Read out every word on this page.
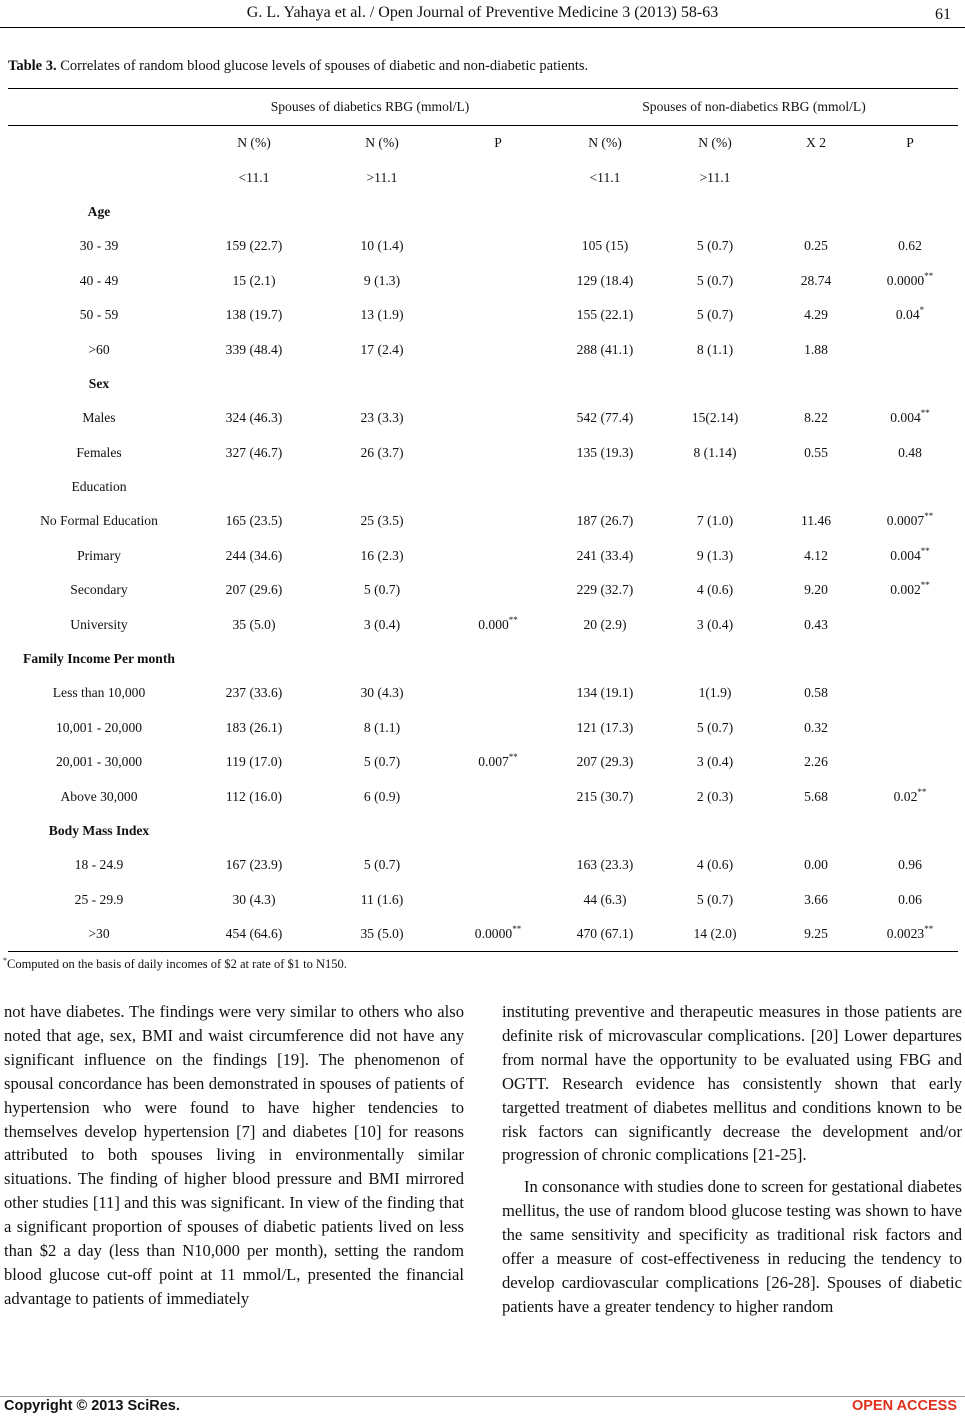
G. L. Yahaya et al. / Open Journal of Preventive Medicine 3 (2013) 58-63	61
Table 3. Correlates of random blood glucose levels of spouses of diabetic and non-diabetic patients.
	Spouses of diabetics RBG (mmol/L)			Spouses of non-diabetics RBG (mmol/L)			
	N (%)	N (%)	P	N (%)	N (%)	X 2	P
	<11.1	>11.1		<11.1	>11.1		
Age							
30 - 39	159 (22.7)	10 (1.4)		105 (15)	5 (0.7)	0.25	0.62
40 - 49	15 (2.1)	9 (1.3)		129 (18.4)	5 (0.7)	28.74	0.0000**
50 - 59	138 (19.7)	13 (1.9)		155 (22.1)	5 (0.7)	4.29	0.04*
>60	339 (48.4)	17 (2.4)		288 (41.1)	8 (1.1)	1.88	
Sex							
Males	324 (46.3)	23 (3.3)		542 (77.4)	15(2.14)	8.22	0.004**
Females	327 (46.7)	26 (3.7)		135 (19.3)	8 (1.14)	0.55	0.48
Education							
No Formal Education	165 (23.5)	25 (3.5)		187 (26.7)	7 (1.0)	11.46	0.0007**
Primary	244 (34.6)	16 (2.3)		241 (33.4)	9 (1.3)	4.12	0.004**
Secondary	207 (29.6)	5 (0.7)		229 (32.7)	4 (0.6)	9.20	0.002**
University	35 (5.0)	3 (0.4)	0.000**	20 (2.9)	3 (0.4)	0.43	
Family Income Per month							
Less than 10,000	237 (33.6)	30 (4.3)		134 (19.1)	1(1.9)	0.58	
10,001 - 20,000	183 (26.1)	8 (1.1)		121 (17.3)	5 (0.7)	0.32	
20,001 - 30,000	119 (17.0)	5 (0.7)	0.007**	207 (29.3)	3 (0.4)	2.26	
Above 30,000	112 (16.0)	6 (0.9)		215 (30.7)	2 (0.3)	5.68	0.02**
Body Mass Index							
18 - 24.9	167 (23.9)	5 (0.7)		163 (23.3)	4 (0.6)	0.00	0.96
25 - 29.9	30 (4.3)	11 (1.6)		44 (6.3)	5 (0.7)	3.66	0.06
>30	454 (64.6)	35 (5.0)	0.0000**	470 (67.1)	14 (2.0)	9.25	0.0023**
*Computed on the basis of daily incomes of $2 at rate of $1 to N150.

not have diabetes. The findings were very similar to others who also noted that age, sex, BMI and waist circumference did not have any significant influence on the findings [19]. The phenomenon of spousal concordance has been demonstrated in spouses of patients of hypertension who were found to have higher tendencies to themselves develop hypertension [7] and diabetes [10] for reasons attributed to both spouses living in environmentally similar situations. The finding of higher blood pressure and BMI mirrored other studies [11] and this was significant. In view of the finding that a significant proportion of spouses of diabetic patients lived on less than $2 a day (less than N10,000 per month), setting the random blood glucose cut-off point at 11 mmol/L, presented the financial advantage to patients of immediately

instituting preventive and therapeutic measures in those patients are definite risk of microvascular complications. [20] Lower departures from normal have the opportunity to be evaluated using FBG and OGTT. Research evidence has consistently shown that early targetted treatment of diabetes mellitus and conditions known to be risk factors can significantly decrease the development and/or progression of chronic complications [21-25].

In consonance with studies done to screen for gestational diabetes mellitus, the use of random blood glucose testing was shown to have the same sensitivity and specificity as traditional risk factors and offer a measure of cost-effectiveness in reducing the tendency to develop cardiovascular complications [26-28]. Spouses of diabetic patients have a greater tendency to higher random

Copyright © 2013 SciRes.	OPEN ACCESS
